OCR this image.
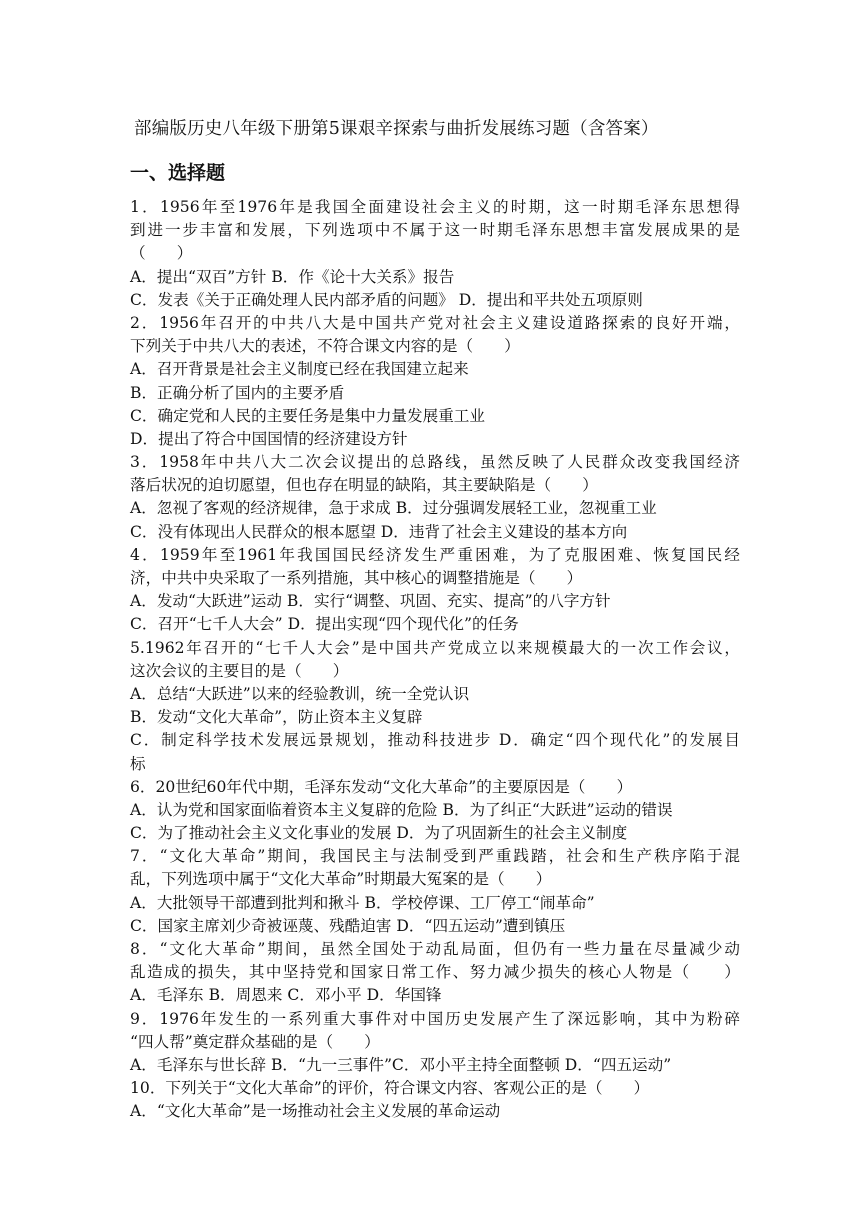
部编版历史八年级下册第5课艰辛探索与曲折发展练习题（含答案）
一、选择题
1．1956年至1976年是我国全面建设社会主义的时期，这一时期毛泽东思想得
到进一步丰富和发展，下列选项中不属于这一时期毛泽东思想丰富发展成果的是
（　　）
A．提出“双百”方针 B．作《论十大关系》报告
C．发表《关于正确处理人民内部矛盾的问题》 D．提出和平共处五项原则
2．1956年召开的中共八大是中国共产党对社会主义建设道路探索的良好开端，
下列关于中共八大的表述，不符合课文内容的是（　　）
A．召开背景是社会主义制度已经在我国建立起来
B．正确分析了国内的主要矛盾
C．确定党和人民的主要任务是集中力量发展重工业
D．提出了符合中国国情的经济建设方针
3．1958年中共八大二次会议提出的总路线，虽然反映了人民群众改变我国经济
落后状况的迫切愿望，但也存在明显的缺陷，其主要缺陷是（　　）
A．忽视了客观的经济规律，急于求成 B．过分强调发展轻工业，忽视重工业
C．没有体现出人民群众的根本愿望 D．违背了社会主义建设的基本方向
4．1959年至1961年我国国民经济发生严重困难，为了克服困难、恢复国民经
济，中共中央采取了一系列措施，其中核心的调整措施是（　　）
A．发动“大跃进”运动 B．实行“调整、巩固、充实、提高”的八字方针
C．召开“七千人大会” D．提出实现“四个现代化”的任务
5.1962年召开的“七千人大会”是中国共产党成立以来规模最大的一次工作会议，
这次会议的主要目的是（　　）
A．总结“大跃进”以来的经验教训，统一全党认识
B．发动“文化大革命”，防止资本主义复辟
C．制定科学技术发展远景规划，推动科技进步 D．确定“四个现代化”的发展目
标
6．20世纪60年代中期，毛泽东发动“文化大革命”的主要原因是（　　）
A．认为党和国家面临着资本主义复辟的危险 B．为了纠正“大跃进”运动的错误
C．为了推动社会主义文化事业的发展 D．为了巩固新生的社会主义制度
7．“文化大革命”期间，我国民主与法制受到严重践踏，社会和生产秩序陷于混
乱，下列选项中属于“文化大革命”时期最大冤案的是（　　）
A．大批领导干部遭到批判和揪斗 B．学校停课、工厂停工“闹革命”
C．国家主席刘少奇被诬蔑、残酷迫害 D．“四五运动”遭到镇压
8．“文化大革命”期间，虽然全国处于动乱局面，但仍有一些力量在尽量减少动
乱造成的损失，其中坚持党和国家日常工作、努力减少损失的核心人物是（　　）
A．毛泽东 B．周恩来 C．邓小平 D．华国锋
9．1976年发生的一系列重大事件对中国历史发展产生了深远影响，其中为粉碎
“四人帮”奠定群众基础的是（　　）
A．毛泽东与世长辞 B．“九一三事件”C．邓小平主持全面整顿 D．“四五运动”
10．下列关于“文化大革命”的评价，符合课文内容、客观公正的是（　　）
A．“文化大革命”是一场推动社会主义发展的革命运动
